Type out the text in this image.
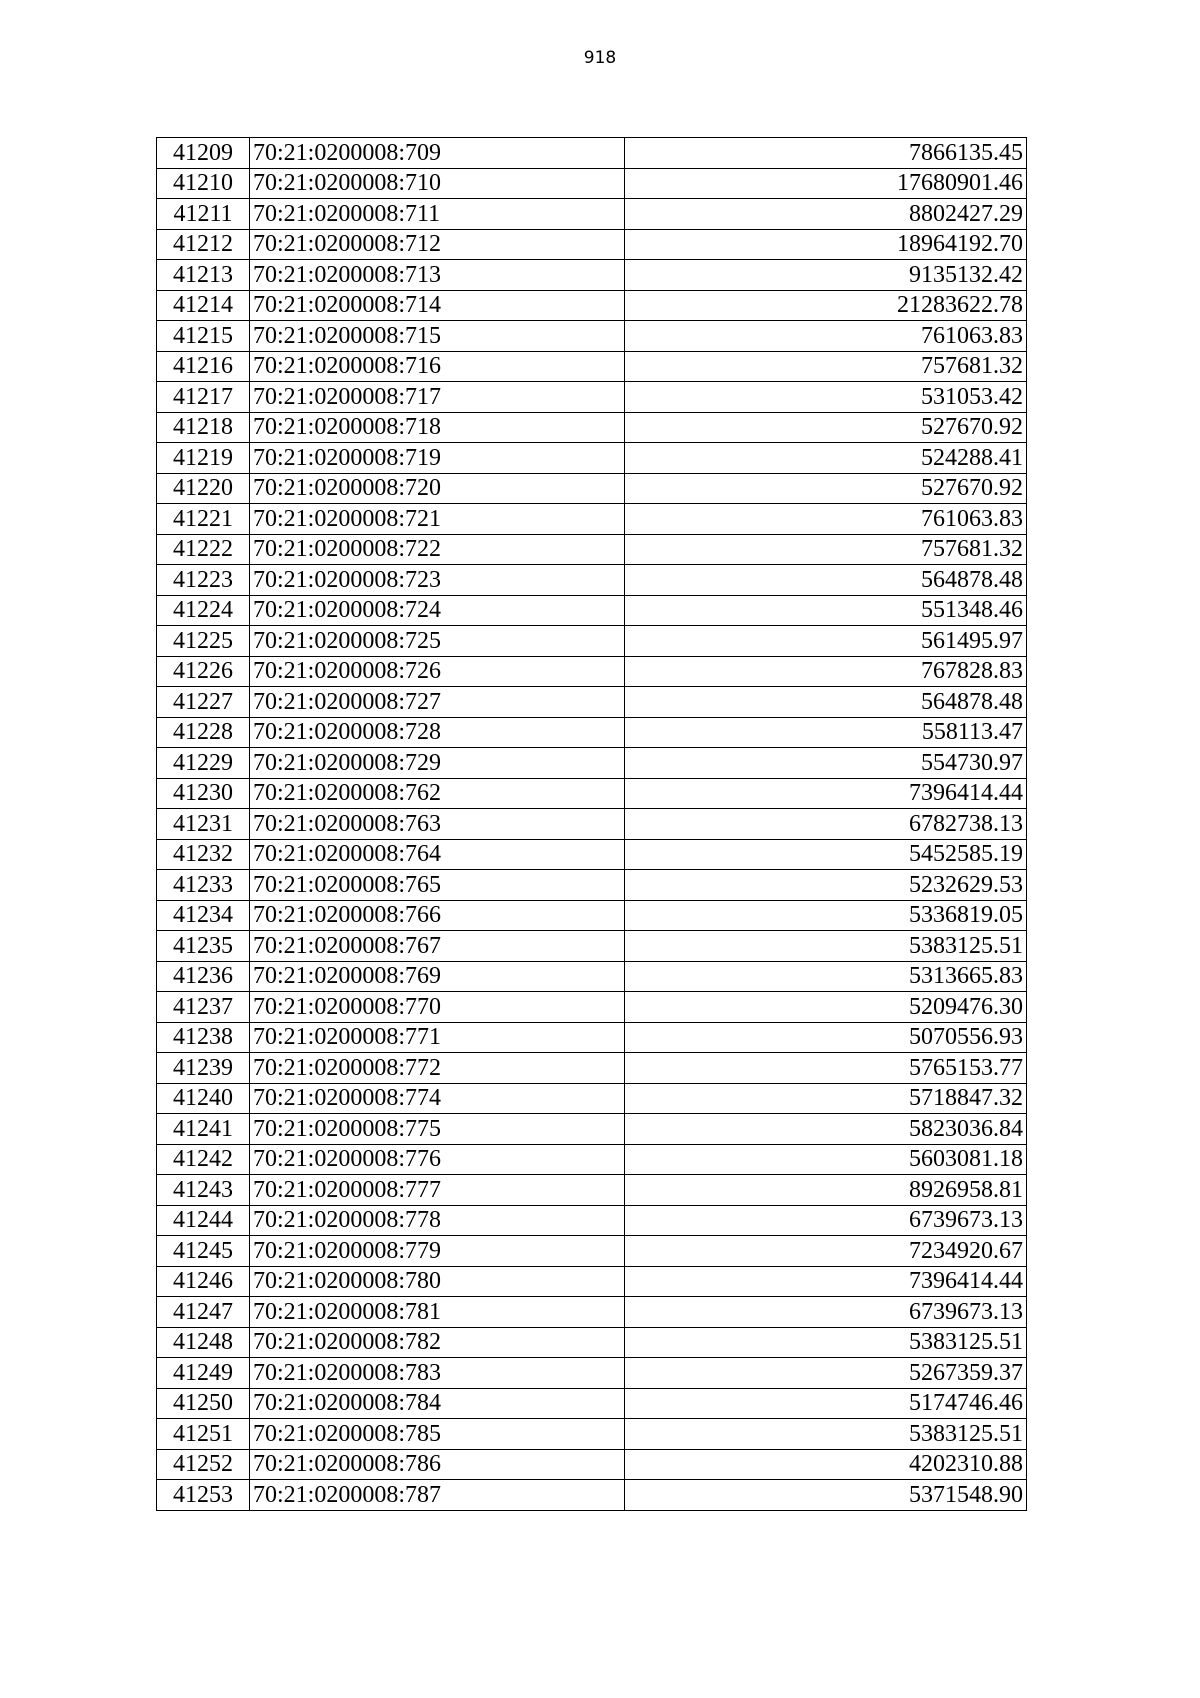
918
41209	70:21:0200008:709	7866135.45
41210	70:21:0200008:710	17680901.46
41211	70:21:0200008:711	8802427.29
41212	70:21:0200008:712	18964192.70
41213	70:21:0200008:713	9135132.42
41214	70:21:0200008:714	21283622.78
41215	70:21:0200008:715	761063.83
41216	70:21:0200008:716	757681.32
41217	70:21:0200008:717	531053.42
41218	70:21:0200008:718	527670.92
41219	70:21:0200008:719	524288.41
41220	70:21:0200008:720	527670.92
41221	70:21:0200008:721	761063.83
41222	70:21:0200008:722	757681.32
41223	70:21:0200008:723	564878.48
41224	70:21:0200008:724	551348.46
41225	70:21:0200008:725	561495.97
41226	70:21:0200008:726	767828.83
41227	70:21:0200008:727	564878.48
41228	70:21:0200008:728	558113.47
41229	70:21:0200008:729	554730.97
41230	70:21:0200008:762	7396414.44
41231	70:21:0200008:763	6782738.13
41232	70:21:0200008:764	5452585.19
41233	70:21:0200008:765	5232629.53
41234	70:21:0200008:766	5336819.05
41235	70:21:0200008:767	5383125.51
41236	70:21:0200008:769	5313665.83
41237	70:21:0200008:770	5209476.30
41238	70:21:0200008:771	5070556.93
41239	70:21:0200008:772	5765153.77
41240	70:21:0200008:774	5718847.32
41241	70:21:0200008:775	5823036.84
41242	70:21:0200008:776	5603081.18
41243	70:21:0200008:777	8926958.81
41244	70:21:0200008:778	6739673.13
41245	70:21:0200008:779	7234920.67
41246	70:21:0200008:780	7396414.44
41247	70:21:0200008:781	6739673.13
41248	70:21:0200008:782	5383125.51
41249	70:21:0200008:783	5267359.37
41250	70:21:0200008:784	5174746.46
41251	70:21:0200008:785	5383125.51
41252	70:21:0200008:786	4202310.88
41253	70:21:0200008:787	5371548.90
